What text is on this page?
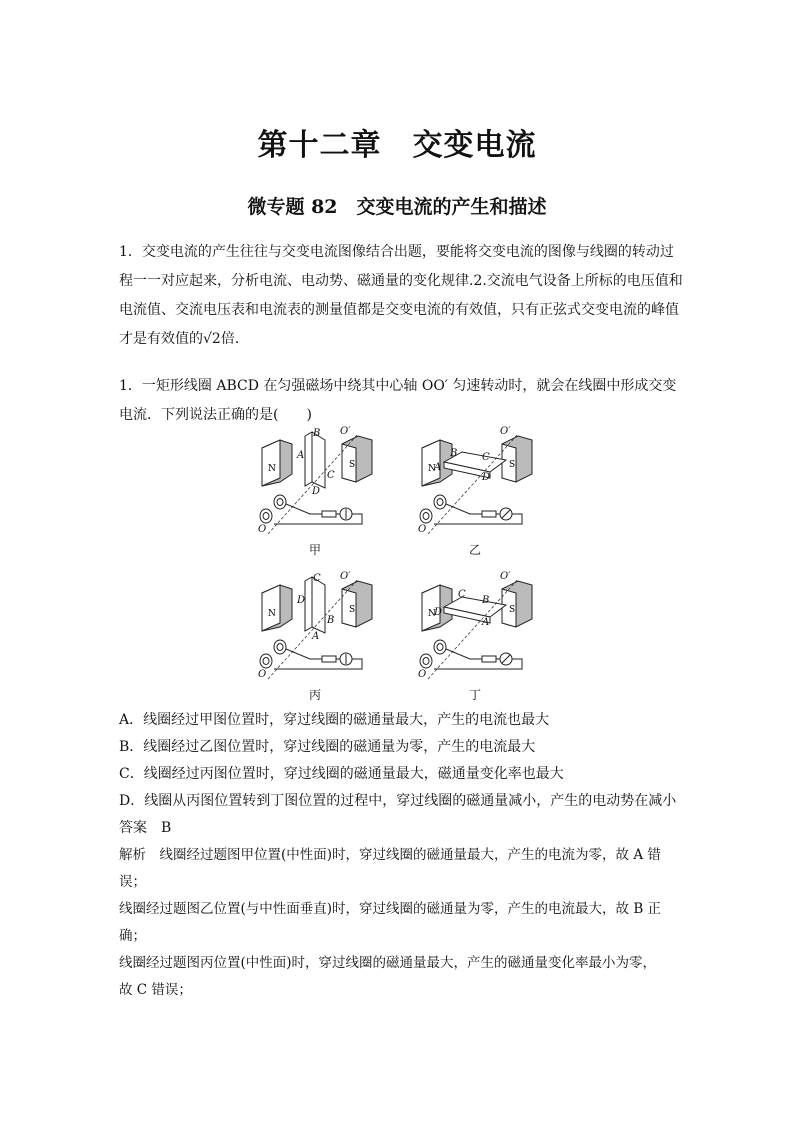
第十二章　交变电流
微专题 82　交变电流的产生和描述
1．交变电流的产生往往与交变电流图像结合出题，要能将交变电流的图像与线圈的转动过
程一一对应起来，分析电流、电动势、磁通量的变化规律.2.交流电气设备上所标的电压值和
电流值、交流电压表和电流表的测量值都是交变电流的有效值，只有正弦式交变电流的峰值
才是有效值的√2倍．
1．一矩形线圈 ABCD 在匀强磁场中绕其中心轴 OO′ 匀速转动时，就会在线圈中形成交变
电流．下列说法正确的是(　　)
N	S
B
A
C
D
O′
O
甲
N	S
B
A
C
D
O′
O
乙
N	S
C
D
B
A
O′
O
丙
N	S
C
D
B
A
O′
O
丁
A．线圈经过甲图位置时，穿过线圈的磁通量最大，产生的电流也最大
B．线圈经过乙图位置时，穿过线圈的磁通量为零，产生的电流最大
C．线圈经过丙图位置时，穿过线圈的磁通量最大，磁通量变化率也最大
D．线圈从丙图位置转到丁图位置的过程中，穿过线圈的磁通量减小，产生的电动势在减小
答案　B
解析　线圈经过题图甲位置(中性面)时，穿过线圈的磁通量最大，产生的电流为零，故 A 错
误；
线圈经过题图乙位置(与中性面垂直)时，穿过线圈的磁通量为零，产生的电流最大，故 B 正
确；
线圈经过题图丙位置(中性面)时，穿过线圈的磁通量最大，产生的磁通量变化率最小为零，
故 C 错误；
